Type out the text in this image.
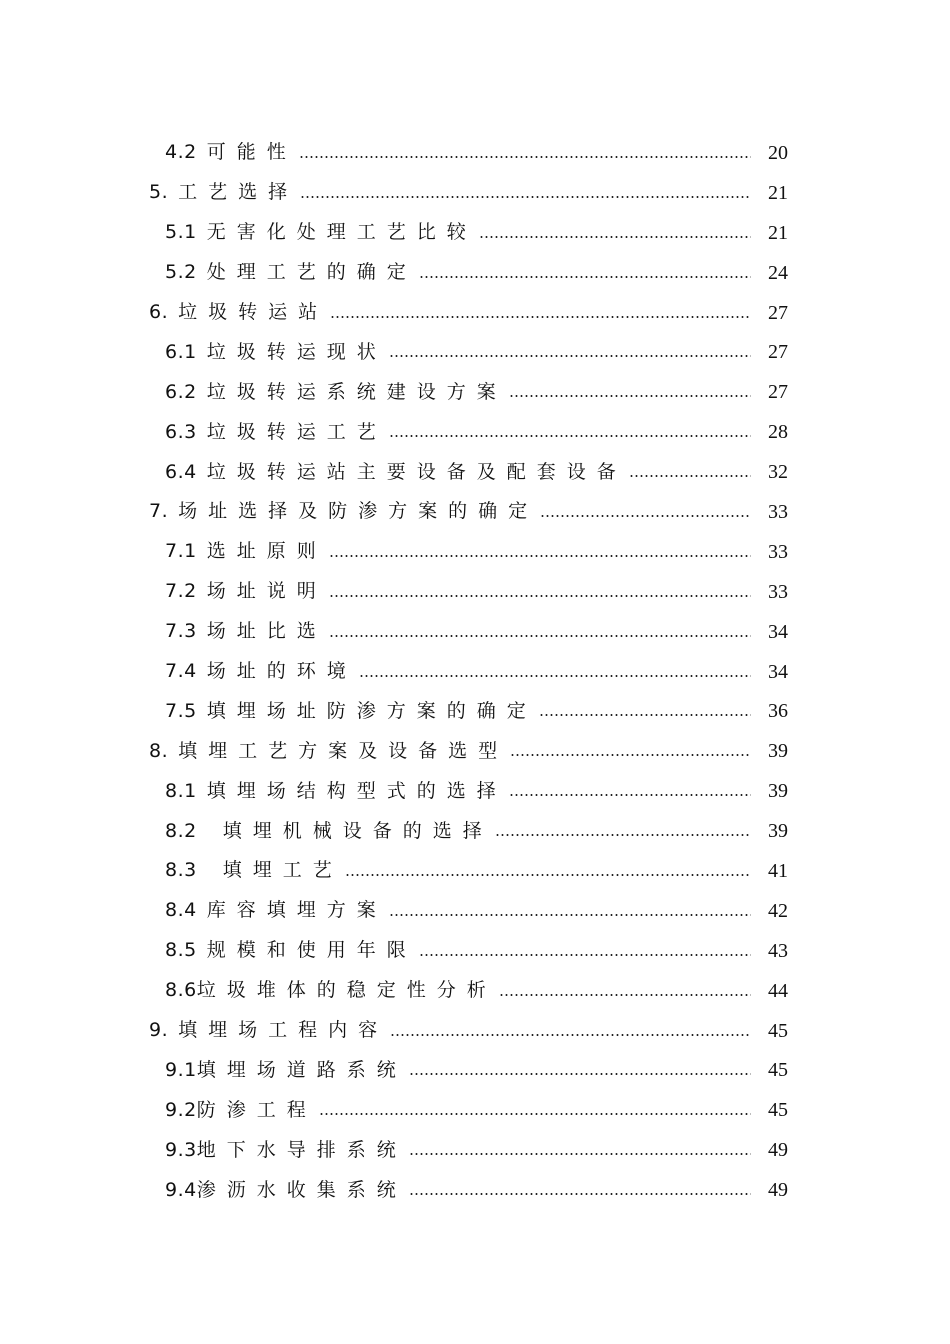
4.2 可能性	20
5. 工艺选择	21
5.1 无害化处理工艺比较	21
5.2 处理工艺的确定	24
6. 垃圾转运站	27
6.1 垃圾转运现状	27
6.2 垃圾转运系统建设方案	27
6.3 垃圾转运工艺	28
6.4 垃圾转运站主要设备及配套设备	32
7. 场址选择及防渗方案的确定	33
7.1 选址原则	33
7.2 场址说明	33
7.3 场址比选	34
7.4 场址的环境	34
7.5 填埋场址防渗方案的确定	36
8. 填埋工艺方案及设备选型	39
8.1 填埋场结构型式的选择	39
8.2 填埋机械设备的选择	39
8.3 填埋工艺	41
8.4 库容填埋方案	42
8.5 规模和使用年限	43
8.6 垃圾堆体的稳定性分析	44
9. 填埋场工程内容	45
9.1 填埋场道路系统	45
9.2 防渗工程	45
9.3 地下水导排系统	49
9.4 渗沥水收集系统	49
